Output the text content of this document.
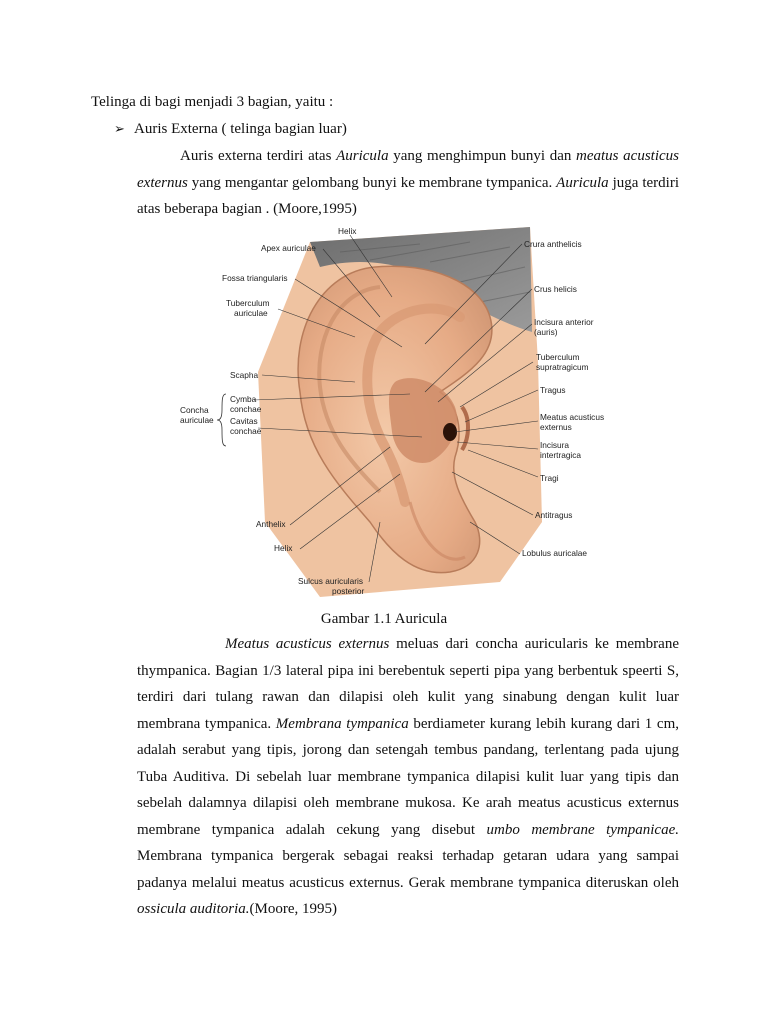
Telinga di bagi menjadi 3 bagian, yaitu :
➢ Auris Externa ( telinga bagian luar)
Auris externa terdiri atas Auricula yang menghimpun bunyi dan meatus acusticus externus yang mengantar gelombang bunyi ke membrane tympanica. Auricula juga terdiri atas beberapa bagian . (Moore,1995)
Helix
Apex auriculae
Fossa triangularis
Tuberculum
auriculae
Scapha
Cymba
conchae
Concha
auriculae Cavitas
conchae
Anthelix
Helix
Sulcus auricularis
posterior
Crura anthelicis
Crus helicis
Incisura anterior
(auris)
Tuberculum
supratragicum
Tragus
Meatus acusticus
externus
Incisura
intertragica
Tragi
Antitragus
Lobulus auricalae
Gambar 1.1 Auricula
Meatus acusticus externus meluas dari concha auricularis ke membrane thympanica. Bagian 1/3 lateral pipa ini berebentuk seperti pipa yang berbentuk speerti S, terdiri dari tulang rawan dan dilapisi oleh kulit yang sinabung dengan kulit luar membrana tympanica. Membrana tympanica berdiameter kurang lebih kurang dari 1 cm, adalah serabut yang tipis, jorong dan setengah tembus pandang, terlentang pada ujung Tuba Auditiva. Di sebelah luar membrane tympanica dilapisi kulit luar yang tipis dan sebelah dalamnya dilapisi oleh membrane mukosa. Ke arah meatus acusticus externus membrane tympanica adalah cekung yang disebut umbo membrane tympanicae. Membrana tympanica bergerak sebagai reaksi terhadap getaran udara yang sampai padanya melalui meatus acusticus externus. Gerak membrane tympanica diteruskan oleh ossicula auditoria.(Moore, 1995)
